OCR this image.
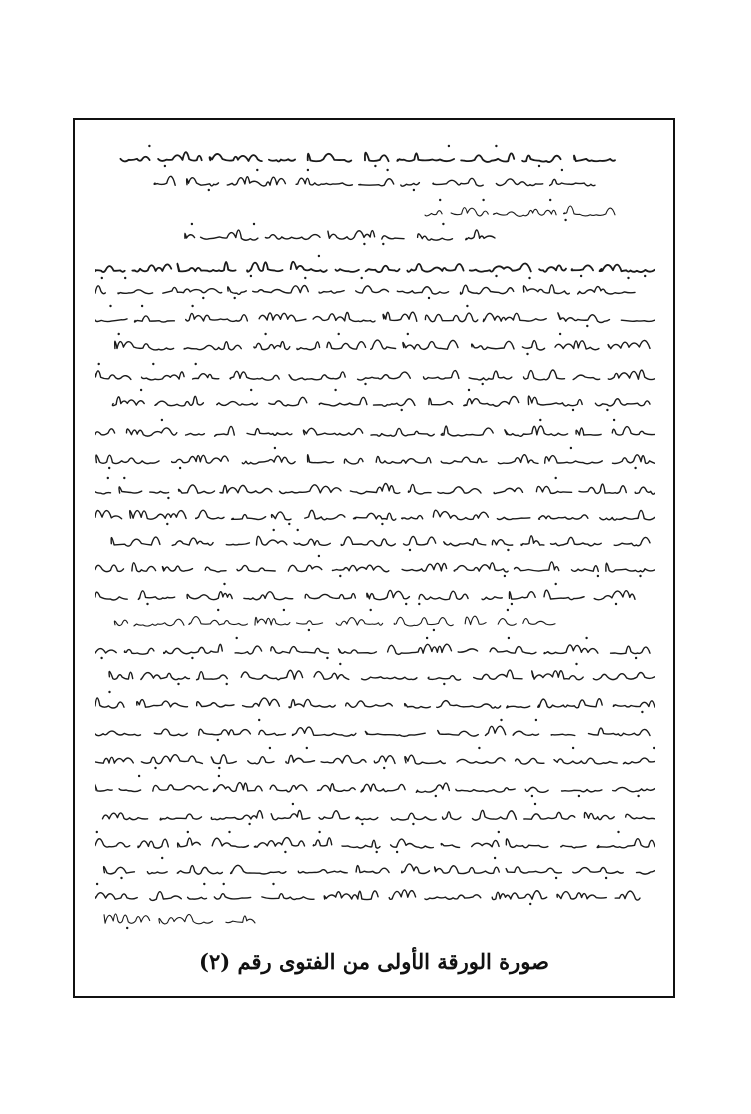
صورة الورقة الأولى من الفتوى رقم (٢)
